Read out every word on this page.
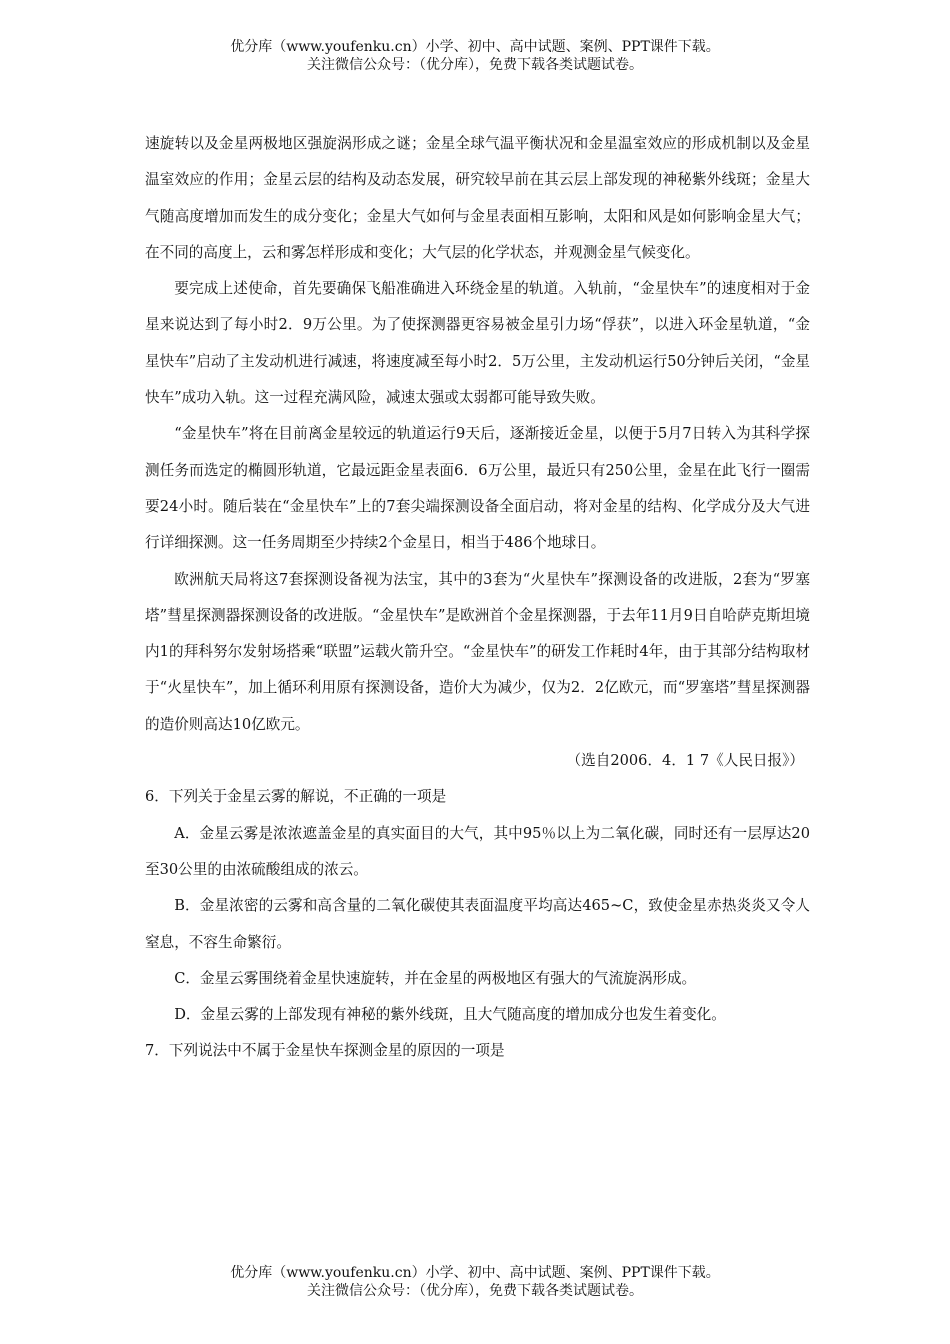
优分库（www.youfenku.cn）小学、初中、高中试题、案例、PPT课件下载。
关注微信公众号：（优分库），免费下载各类试题试卷。

速旋转以及金星两极地区强旋涡形成之谜；金星全球气温平衡状况和金星温室效应的形成机制以及金星温室效应的作用；金星云层的结构及动态发展，研究较早前在其云层上部发现的神秘紫外线斑；金星大气随高度增加而发生的成分变化；金星大气如何与金星表面相互影响，太阳和风是如何影响金星大气；在不同的高度上，云和雾怎样形成和变化；大气层的化学状态，并观测金星气候变化。

要完成上述使命，首先要确保飞船准确进入环绕金星的轨道。入轨前，“金星快车”的速度相对于金星来说达到了每小时2．9万公里。为了使探测器更容易被金星引力场“俘获”，以进入环金星轨道，“金星快车”启动了主发动机进行减速，将速度减至每小时2．5万公里，主发动机运行50分钟后关闭，“金星快车”成功入轨。这一过程充满风险，减速太强或太弱都可能导致失败。

“金星快车”将在目前离金星较远的轨道运行9天后，逐渐接近金星，以便于5月7日转入为其科学探测任务而选定的椭圆形轨道，它最远距金星表面6．6万公里，最近只有250公里，金星在此飞行一圈需要24小时。随后装在“金星快车”上的7套尖端探测设备全面启动，将对金星的结构、化学成分及大气进行详细探测。这一任务周期至少持续2个金星日，相当于486个地球日。

欧洲航天局将这7套探测设备视为法宝，其中的3套为“火星快车”探测设备的改进版，2套为“罗塞塔”彗星探测器探测设备的改进版。“金星快车”是欧洲首个金星探测器，于去年11月9日自哈萨克斯坦境内1的拜科努尔发射场搭乘“联盟”运载火箭升空。“金星快车”的研发工作耗时4年，由于其部分结构取材于“火星快车”，加上循环利用原有探测设备，造价大为减少，仅为2．2亿欧元，而“罗塞塔”彗星探测器的造价则高达10亿欧元。

（选自2006．4．1 7《人民日报》）

6．下列关于金星云雾的解说，不正确的一项是

A．金星云雾是浓浓遮盖金星的真实面目的大气，其中95％以上为二氧化碳，同时还有一层厚达20至30公里的由浓硫酸组成的浓云。

B．金星浓密的云雾和高含量的二氧化碳使其表面温度平均高达465~C，致使金星赤热炎炎又令人窒息，不容生命繁衍。

C．金星云雾围绕着金星快速旋转，并在金星的两极地区有强大的气流旋涡形成。

D．金星云雾的上部发现有神秘的紫外线斑，且大气随高度的增加成分也发生着变化。

7．下列说法中不属于金星快车探测金星的原因的一项是

优分库（www.youfenku.cn）小学、初中、高中试题、案例、PPT课件下载。
关注微信公众号：（优分库），免费下载各类试题试卷。
